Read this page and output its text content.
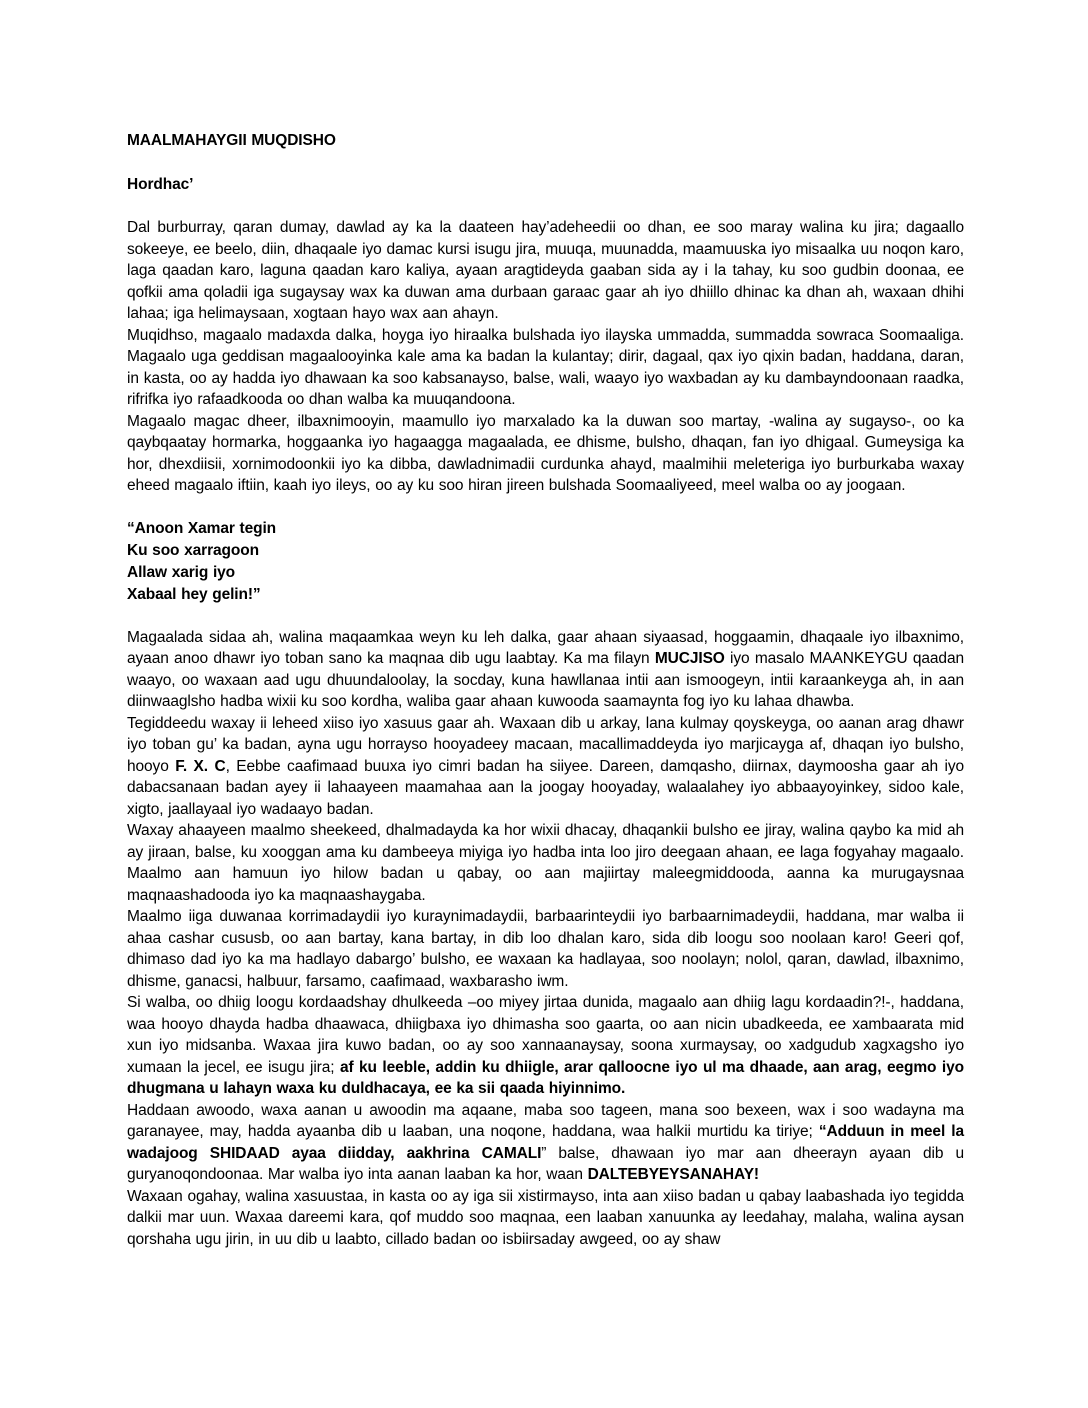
MAALMAHAYGII MUQDISHO
Hordhac’

Dal burburray, qaran dumay, dawlad ay ka la daateen hay’adeheedii oo dhan, ee soo maray walina ku jira; dagaallo sokeeye, ee beelo, diin, dhaqaale iyo damac kursi isugu jira, muuqa, muunadda, maamuuska iyo misaalka uu noqon karo, laga qaadan karo, laguna qaadan karo kaliya, ayaan aragtideyda gaaban sida ay i la tahay, ku soo gudbin doonaa, ee qofkii ama qoladii iga sugaysay wax ka duwan ama durbaan garaac gaar ah iyo dhiillo dhinac ka dhan ah, waxaan dhihi lahaa; iga helimaysaan, xogtaan hayo wax aan ahayn.

Muqidhso, magaalo madaxda dalka, hoyga iyo hiraalka bulshada iyo ilayska ummadda, summadda sowraca Soomaaliga. Magaalo uga geddisan magaalooyinka kale ama ka badan la kulantay; dirir, dagaal, qax iyo qixin badan, haddana, daran, in kasta, oo ay hadda iyo dhawaan ka soo kabsanayso, balse, wali, waayo iyo waxbadan ay ku dambayndoonaan raadka, rifrifka iyo rafaadkooda oo dhan walba ka muuqandoona.

Magaalo magac dheer, ilbaxnimooyin, maamullo iyo marxalado ka la duwan soo martay, -walina ay sugayso-, oo ka qaybqaatay hormarka, hoggaanka iyo hagaagga magaalada, ee dhisme, bulsho, dhaqan, fan iyo dhigaal. Gumeysiga ka hor, dhexdiisii, xornimodoonkii iyo ka dibba, dawladnimadii curdunka ahayd, maalmihii meleteriga iyo burburkaba waxay eheed magaalo iftiin, kaah iyo ileys, oo ay ku soo hiran jireen bulshada Soomaaliyeed, meel walba oo ay joogaan.

“Anoon Xamar tegin
Ku soo xarragoon
Allaw xarig iyo
Xabaal hey gelin!”

Magaalada sidaa ah, walina maqaamkaa weyn ku leh dalka, gaar ahaan siyaasad, hoggaamin, dhaqaale iyo ilbaxnimo, ayaan anoo dhawr iyo toban sano ka maqnaa dib ugu laabtay. Ka ma filayn MUCJISO iyo masalo MAANKEYGU qaadan waayo, oo waxaan aad ugu dhuundaloolay, la socday, kuna hawllanaa intii aan ismoogeyn, intii karaankeyga ah, in aan diinwaaglsho hadba wixii ku soo kordha, waliba gaar ahaan kuwooda saamaynta fog iyo ku lahaa dhawba.

Tegiddeedu waxay ii leheed xiiso iyo xasuus gaar ah. Waxaan dib u arkay, lana kulmay qoyskeyga, oo aanan arag dhawr iyo toban gu’ ka badan, ayna ugu horrayso hooyadeey macaan, macallimaddeyda iyo marjicayga af, dhaqan iyo bulsho, hooyo F. X. C, Eebbe caafimaad buuxa iyo cimri badan ha siiyee. Dareen, damqasho, diirnax, daymoosha gaar ah iyo dabacsanaan badan ayey ii lahaayeen maamahaa aan la joogay hooyaday, walaalahey iyo abbaayoyinkey, sidoo kale, xigto, jaallayaal iyo wadaayo badan.

Waxay ahaayeen maalmo sheekeed, dhalmadayda ka hor wixii dhacay, dhaqankii bulsho ee jiray, walina qaybo ka mid ah ay jiraan, balse, ku xooggan ama ku dambeeya miyiga iyo hadba inta loo jiro deegaan ahaan, ee laga fogyahay magaalo. Maalmo aan hamuun iyo hilow badan u qabay, oo aan majiirtay maleegmiddooda, aanna ka murugaysnaa maqnaashadooda iyo ka maqnaashaygaba.

Maalmo iiga duwanaa korrimadaydii iyo kuraynimadaydii, barbaarinteydii iyo barbaarnimadeydii, haddana, mar walba ii ahaa cashar cususb, oo aan bartay, kana bartay, in dib loo dhalan karo, sida dib loogu soo noolaan karo! Geeri qof, dhimaso dad iyo ka ma hadlayo dabargo’ bulsho, ee waxaan ka hadlayaa, soo noolayn; nolol, qaran, dawlad, ilbaxnimo, dhisme, ganacsi, halbuur, farsamo, caafimaad, waxbarasho iwm.

Si walba, oo dhiig loogu kordaadshay dhulkeeda –oo miyey jirtaa dunida, magaalo aan dhiig lagu kordaadin?!-, haddana, waa hooyo dhayda hadba dhaawaca, dhiigbaxa iyo dhimasha soo gaarta, oo aan nicin ubadkeeda, ee xambaarata mid xun iyo midsanba. Waxaa jira kuwo badan, oo ay soo xannaanaysay, soona xurmaysay, oo xadgudub xagxagsho iyo xumaan la jecel, ee isugu jira; af ku leeble, addin ku dhiigle, arar qalloocne iyo ul ma dhaade, aan arag, eegmo iyo dhugmana u lahayn waxa ku duldhacaya, ee ka sii qaada hiyinnimo.

Haddaan awoodo, waxa aanan u awoodin ma aqaane, maba soo tageen, mana soo bexeen, wax i soo wadayna ma garanayee, may, hadda ayaanba dib u laaban, una noqone, haddana, waa halkii murtidu ka tiriye; “Adduun in meel la wadajoog SHIDAAD ayaa diidday, aakhrina CAMALI” balse, dhawaan iyo mar aan dheerayn ayaan dib u guryanoqondoonaa. Mar walba iyo inta aanan laaban ka hor, waan DALTEBYEYSANAHAY!

Waxaan ogahay, walina xasuustaa, in kasta oo ay iga sii xistirmayso, inta aan xiiso badan u qabay laabashada iyo tegidda dalkii mar uun. Waxaa dareemi kara, qof muddo soo maqnaa, een laaban xanuunka ay leedahay, malaha, walina aysan qorshaha ugu jirin, in uu dib u laabto, cillado badan oo isbiirsaday awgeed, oo ay shaw
